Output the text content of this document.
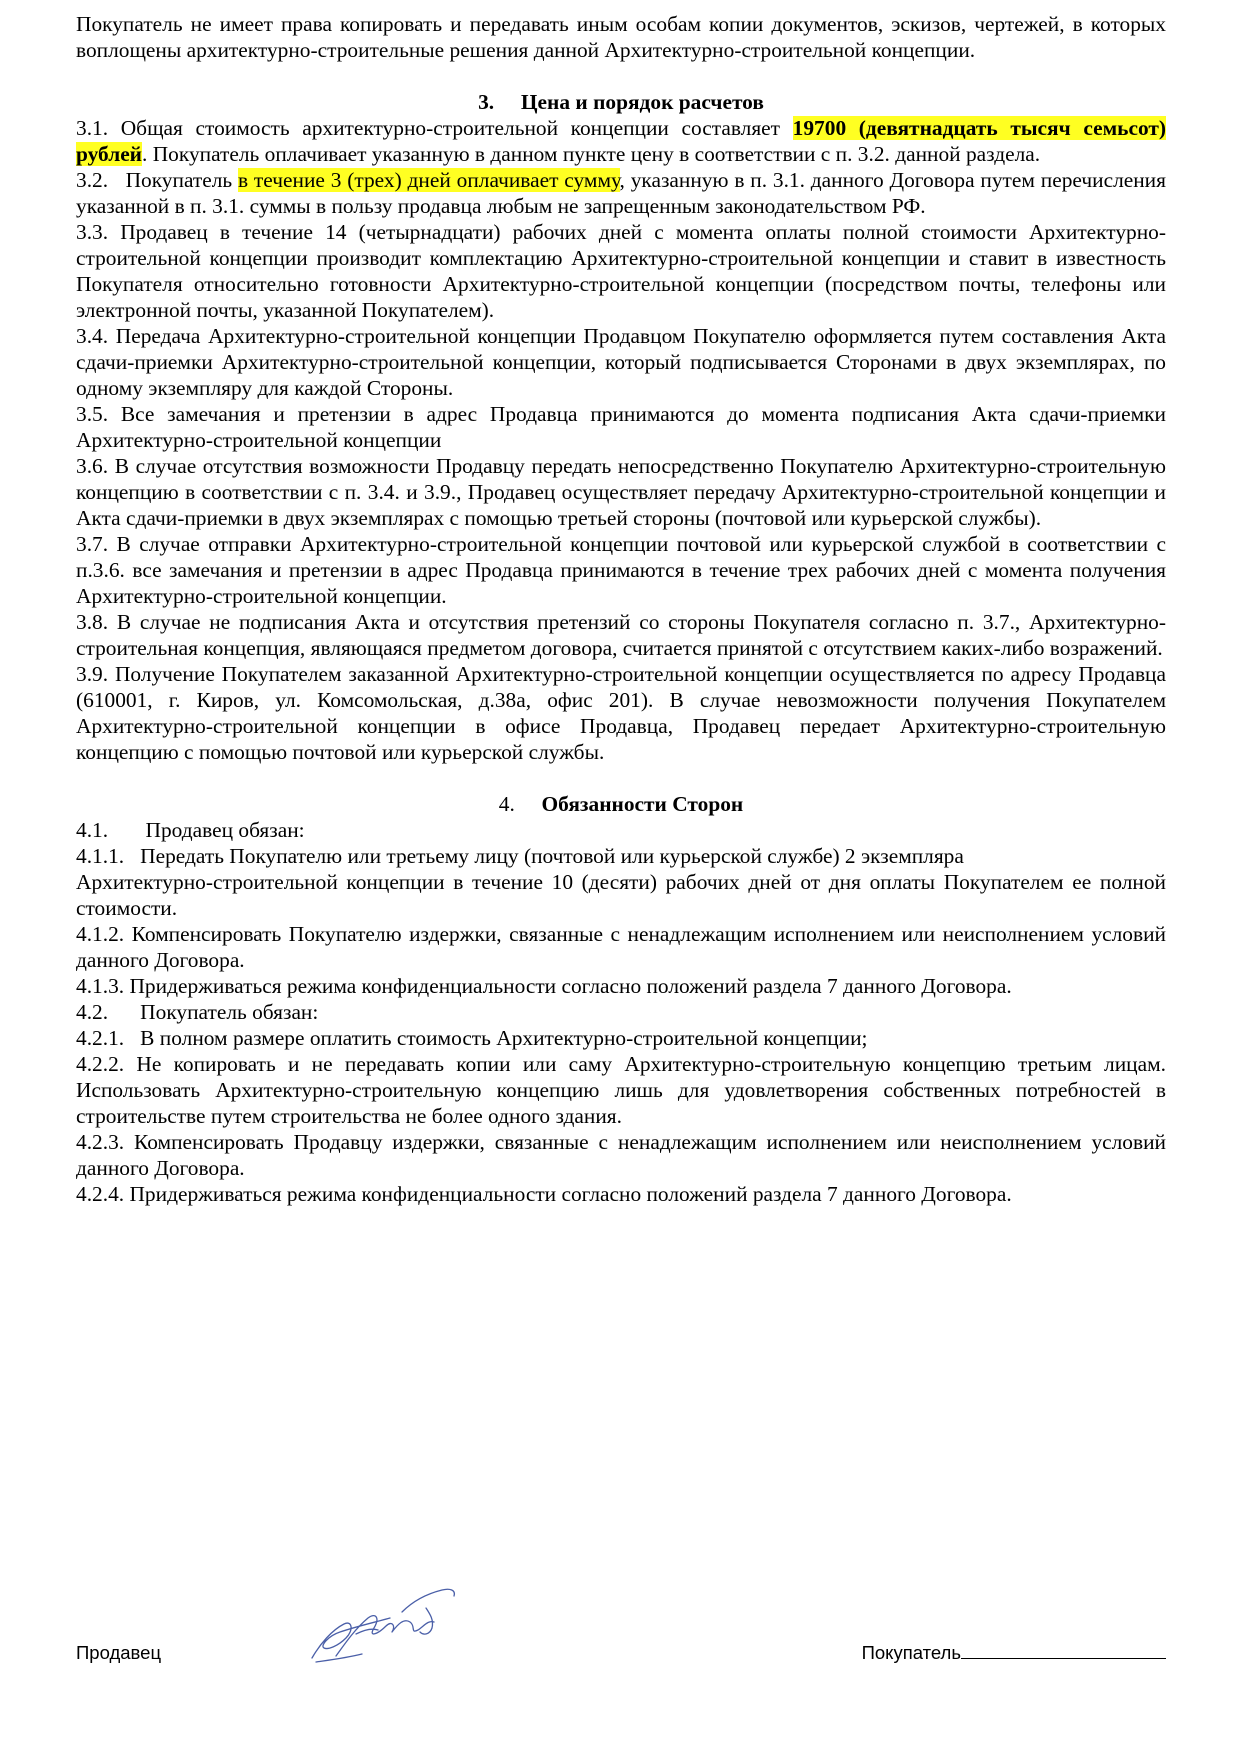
Покупатель не имеет права копировать и передавать иным особам копии документов, эскизов, чертежей, в которых воплощены архитектурно-строительные решения данной Архитектурно-строительной концепции.

3. Цена и порядок расчетов

3.1. Общая стоимость архитектурно-строительной концепции составляет 19700 (девятнадцать тысяч семьсот) рублей. Покупатель оплачивает указанную в данном пункте цену в соответствии с п. 3.2. данной раздела.

3.2.   Покупатель в течение 3 (трех) дней оплачивает сумму, указанную в п. 3.1. данного Договора путем перечисления указанной в п. 3.1. суммы в пользу продавца любым не запрещенным законодательством РФ.

3.3. Продавец в течение 14 (четырнадцати) рабочих дней с момента оплаты полной стоимости Архитектурно-строительной концепции производит комплектацию Архитектурно-строительной концепции и ставит в известность Покупателя относительно готовности Архитектурно-строительной концепции (посредством почты, телефоны или электронной почты, указанной Покупателем).

3.4. Передача Архитектурно-строительной концепции Продавцом Покупателю оформляется путем составления Акта сдачи-приемки Архитектурно-строительной концепции, который подписывается Сторонами в двух экземплярах, по одному экземпляру для каждой Стороны.

3.5. Все замечания и претензии в адрес Продавца принимаются до момента подписания Акта сдачи-приемки Архитектурно-строительной концепции

3.6. В случае отсутствия возможности Продавцу передать непосредственно Покупателю Архитектурно-строительную концепцию в соответствии с п. 3.4. и 3.9., Продавец осуществляет передачу Архитектурно-строительной концепции и Акта сдачи-приемки в двух экземплярах с помощью третьей стороны (почтовой или курьерской службы).

3.7. В случае отправки Архитектурно-строительной концепции почтовой или курьерской службой в соответствии с п.3.6. все замечания и претензии в адрес Продавца принимаются в течение трех рабочих дней с момента получения Архитектурно-строительной концепции.

3.8. В случае не подписания Акта и отсутствия претензий со стороны Покупателя согласно п. 3.7., Архитектурно-строительная концепция, являющаяся предметом договора, считается принятой с отсутствием каких-либо возражений.

3.9. Получение Покупателем заказанной Архитектурно-строительной концепции осуществляется по адресу Продавца (610001, г. Киров, ул. Комсомольская, д.38а, офис 201). В случае невозможности получения Покупателем Архитектурно-строительной концепции в офисе Продавца, Продавец передает Архитектурно-строительную концепцию с помощью почтовой или курьерской службы.

4. Обязанности Сторон

4.1.       Продавец обязан:

4.1.1.   Передать Покупателю или третьему лицу (почтовой или курьерской службе) 2 экземпляра

Архитектурно-строительной концепции в течение 10 (десяти) рабочих дней от дня оплаты Покупателем ее полной стоимости.

4.1.2. Компенсировать Покупателю издержки, связанные с ненадлежащим исполнением или неисполнением условий данного Договора.

4.1.3. Придерживаться режима конфиденциальности согласно положений раздела 7 данного Договора.

4.2.      Покупатель обязан:

4.2.1.   В полном размере оплатить стоимость Архитектурно-строительной концепции;

4.2.2. Не копировать и не передавать копии или саму Архитектурно-строительную концепцию третьим лицам. Использовать Архитектурно-строительную концепцию лишь для удовлетворения собственных потребностей в строительстве путем строительства не более одного здания.

4.2.3. Компенсировать Продавцу издержки, связанные с ненадлежащим исполнением или неисполнением условий данного Договора.

4.2.4. Придерживаться режима конфиденциальности согласно положений раздела 7 данного Договора.

Продавец	Покупатель
